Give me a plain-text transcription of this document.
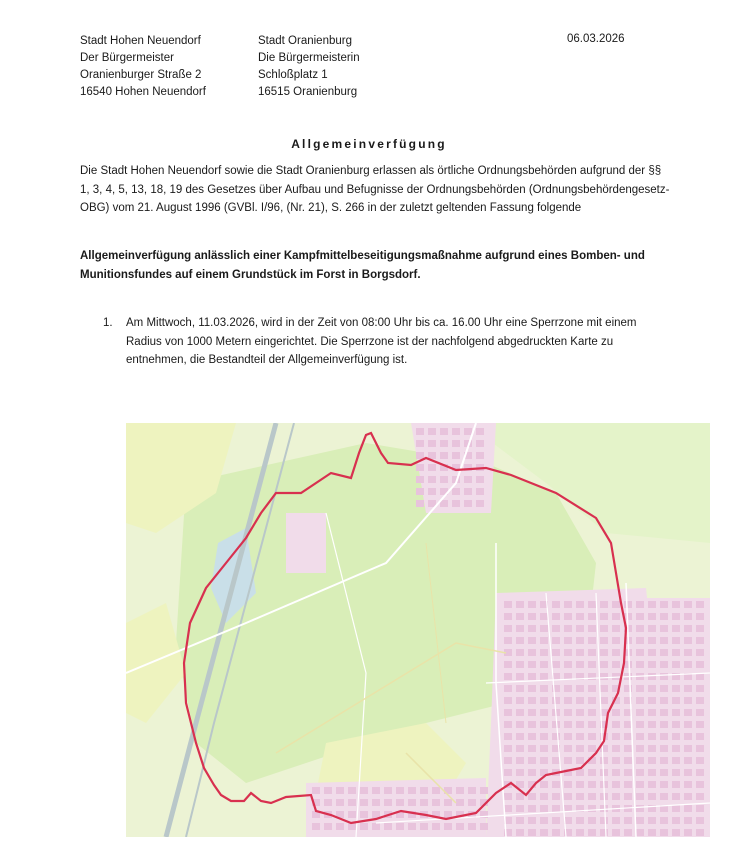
Stadt Hohen Neuendorf
Der Bürgermeister
Oranienburger Straße 2
16540 Hohen Neuendorf
Stadt Oranienburg
Die Bürgermeisterin
Schloßplatz 1
16515 Oranienburg
06.03.2026
Allgemeinverfügung
Die Stadt Hohen Neuendorf sowie die Stadt Oranienburg erlassen als örtliche Ordnungsbehörden aufgrund der §§ 1, 3, 4, 5, 13, 18, 19 des Gesetzes über Aufbau und Befugnisse der Ordnungsbehörden (Ordnungsbehördengesetz-OBG) vom 21. August 1996 (GVBl. I/96, (Nr. 21), S. 266 in der zuletzt geltenden Fassung folgende
Allgemeinverfügung anlässlich einer Kampfmittelbeseitigungsmaßnahme aufgrund eines Bomben- und Munitionsfundes auf einem Grundstück im Forst in Borgsdorf.
1. Am Mittwoch, 11.03.2026, wird in der Zeit von 08:00 Uhr bis ca. 16.00 Uhr eine Sperrzone mit einem Radius von 1000 Metern eingerichtet. Die Sperrzone ist der nachfolgend abgedruckten Karte zu entnehmen, die Bestandteil der Allgemeinverfügung ist.
